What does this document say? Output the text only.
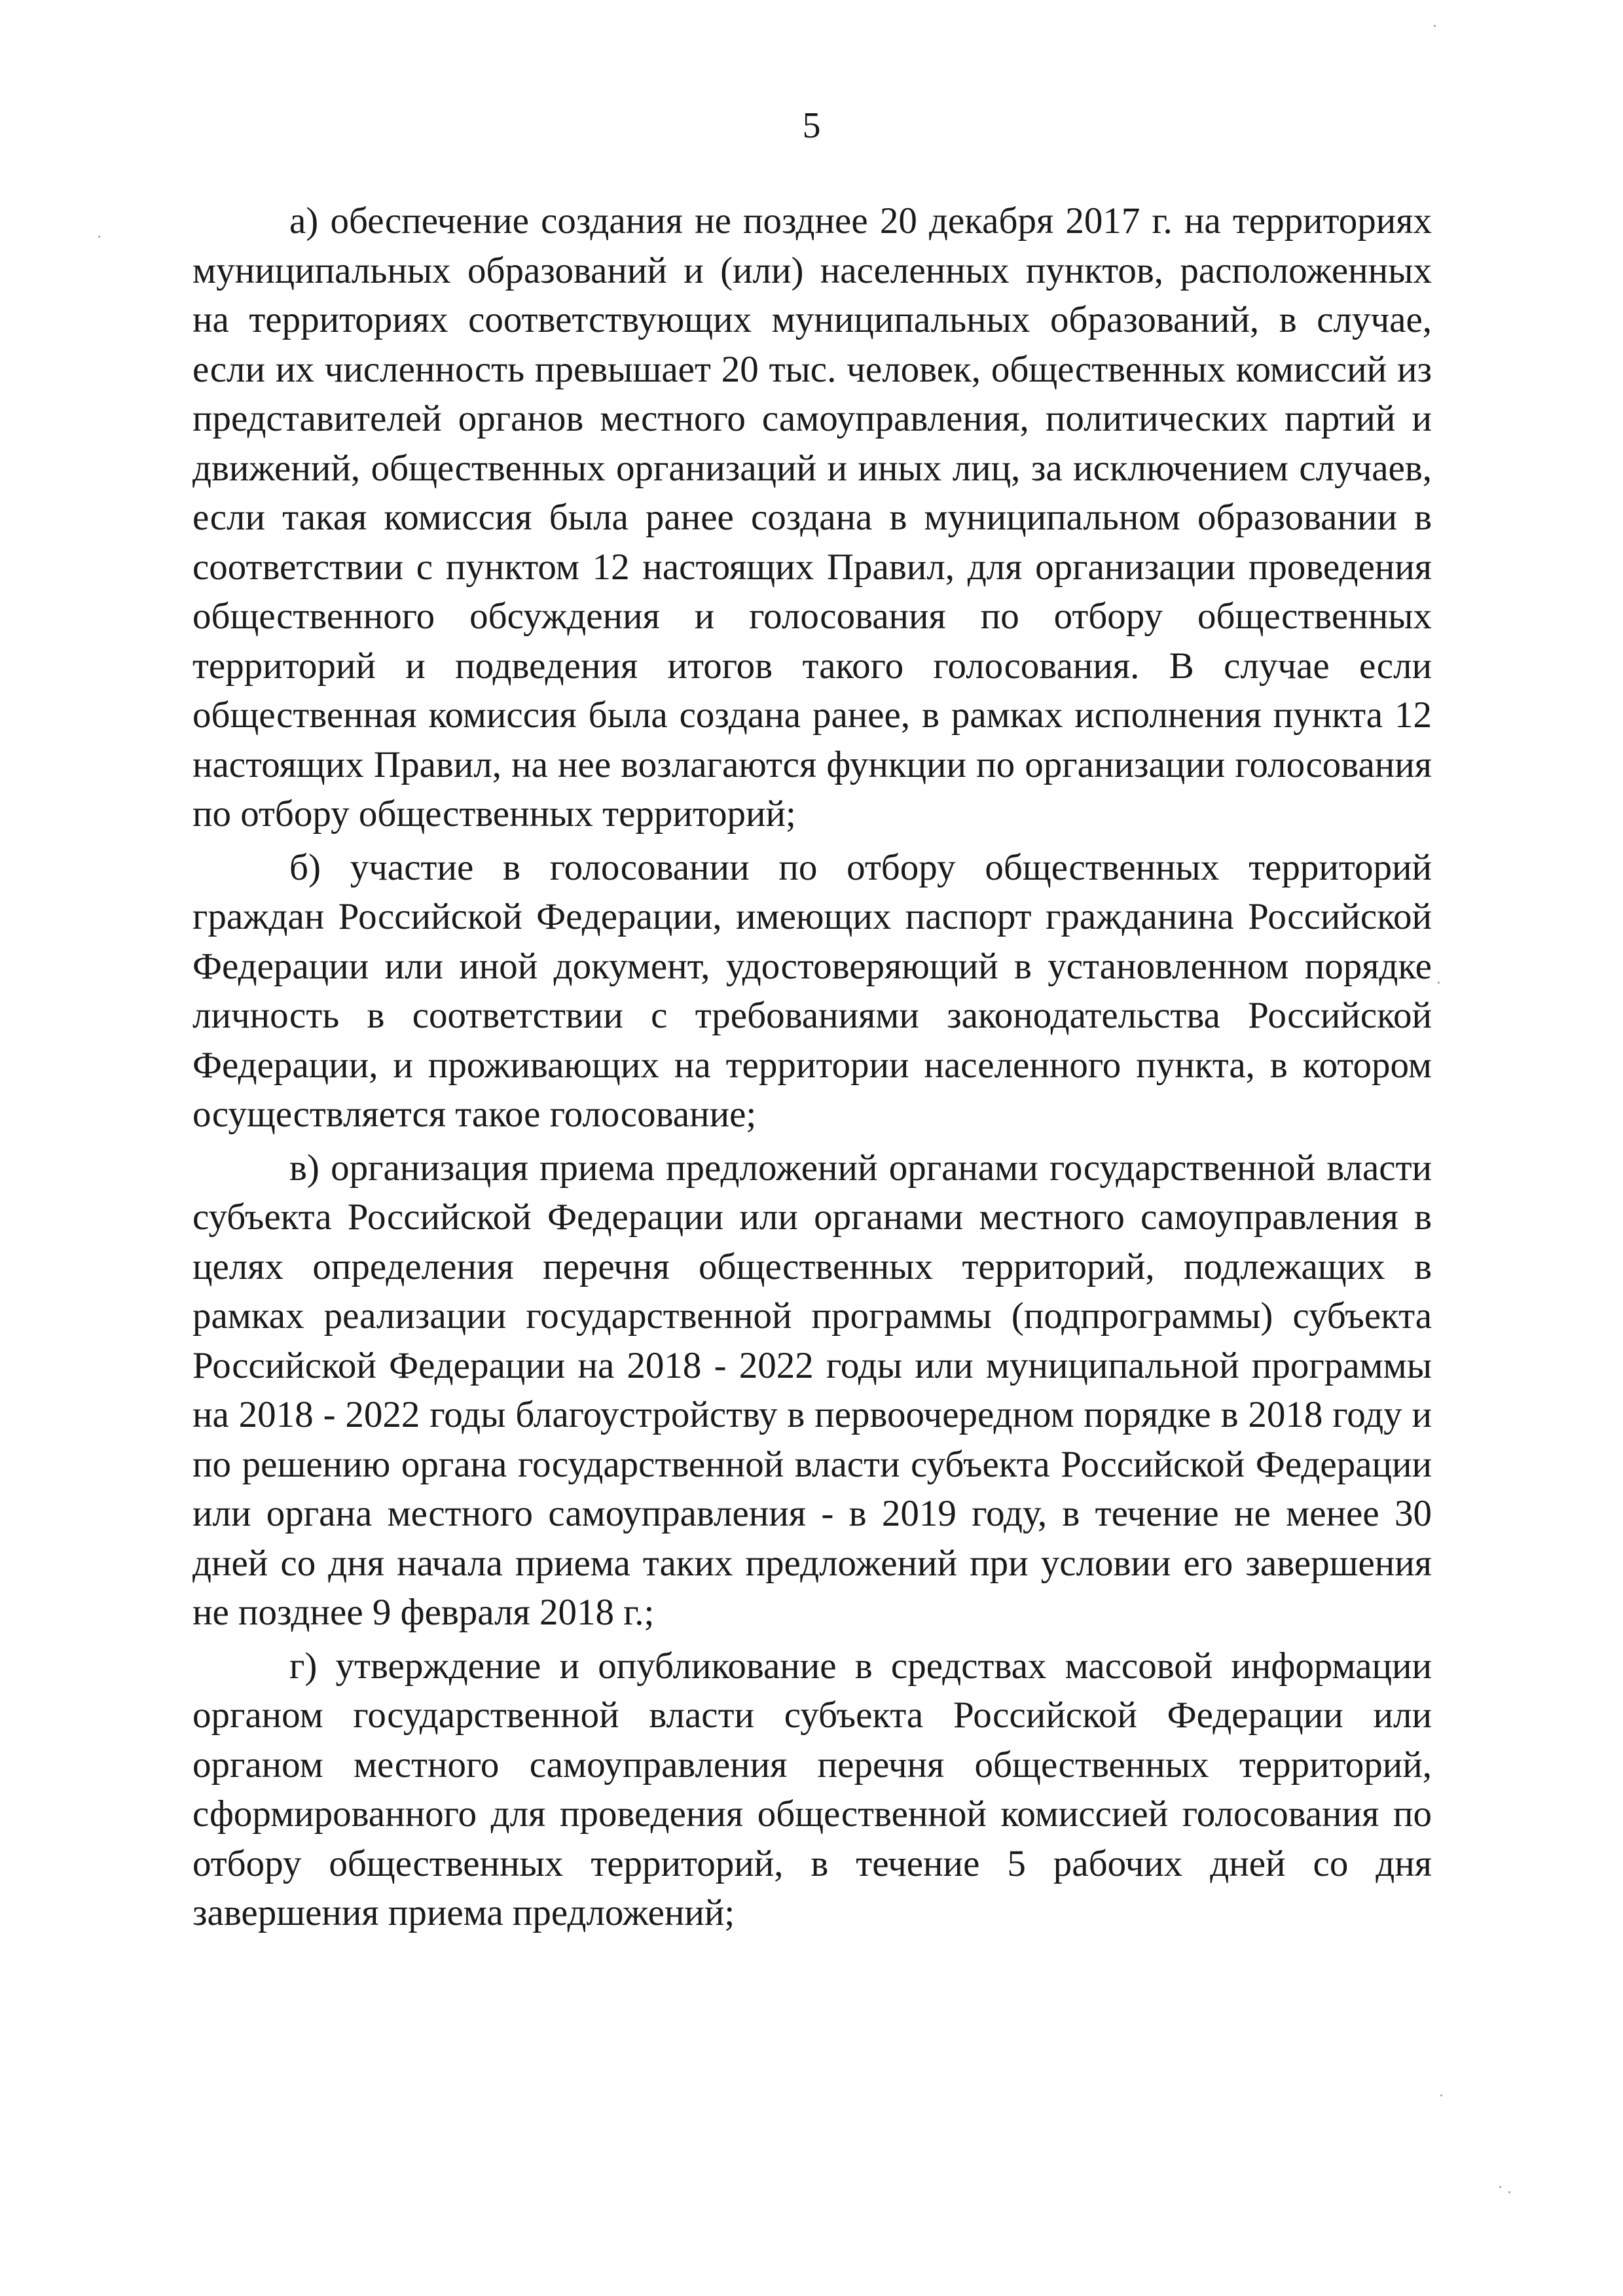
5

а) обеспечение создания не позднее 20 декабря 2017 г. на территориях муниципальных образований и (или) населенных пунктов, расположенных на территориях соответствующих муниципальных образований, в случае, если их численность превышает 20 тыс. человек, общественных комиссий из представителей органов местного самоуправления, политических партий и движений, общественных организаций и иных лиц, за исключением случаев, если такая комиссия была ранее создана в муниципальном образовании в соответствии с пунктом 12 настоящих Правил, для организации проведения общественного обсуждения и голосования по отбору общественных территорий и подведения итогов такого голосования. В случае если общественная комиссия была создана ранее, в рамках исполнения пункта 12 настоящих Правил, на нее возлагаются функции по организации голосования по отбору общественных территорий;

б) участие в голосовании по отбору общественных территорий граждан Российской Федерации, имеющих паспорт гражданина Российской Федерации или иной документ, удостоверяющий в установленном порядке личность в соответствии с требованиями законодательства Российской Федерации, и проживающих на территории населенного пункта, в котором осуществляется такое голосование;

в) организация приема предложений органами государственной власти субъекта Российской Федерации или органами местного самоуправления в целях определения перечня общественных территорий, подлежащих в рамках реализации государственной программы (подпрограммы) субъекта Российской Федерации на 2018 - 2022 годы или муниципальной программы на 2018 - 2022 годы благоустройству в первоочередном порядке в 2018 году и по решению органа государственной власти субъекта Российской Федерации или органа местного самоуправления - в 2019 году, в течение не менее 30 дней со дня начала приема таких предложений при условии его завершения не позднее 9 февраля 2018 г.;

г) утверждение и опубликование в средствах массовой информации органом государственной власти субъекта Российской Федерации или органом местного самоуправления перечня общественных территорий, сформированного для проведения общественной комиссией голосования по отбору общественных территорий, в течение 5 рабочих дней со дня завершения приема предложений;
